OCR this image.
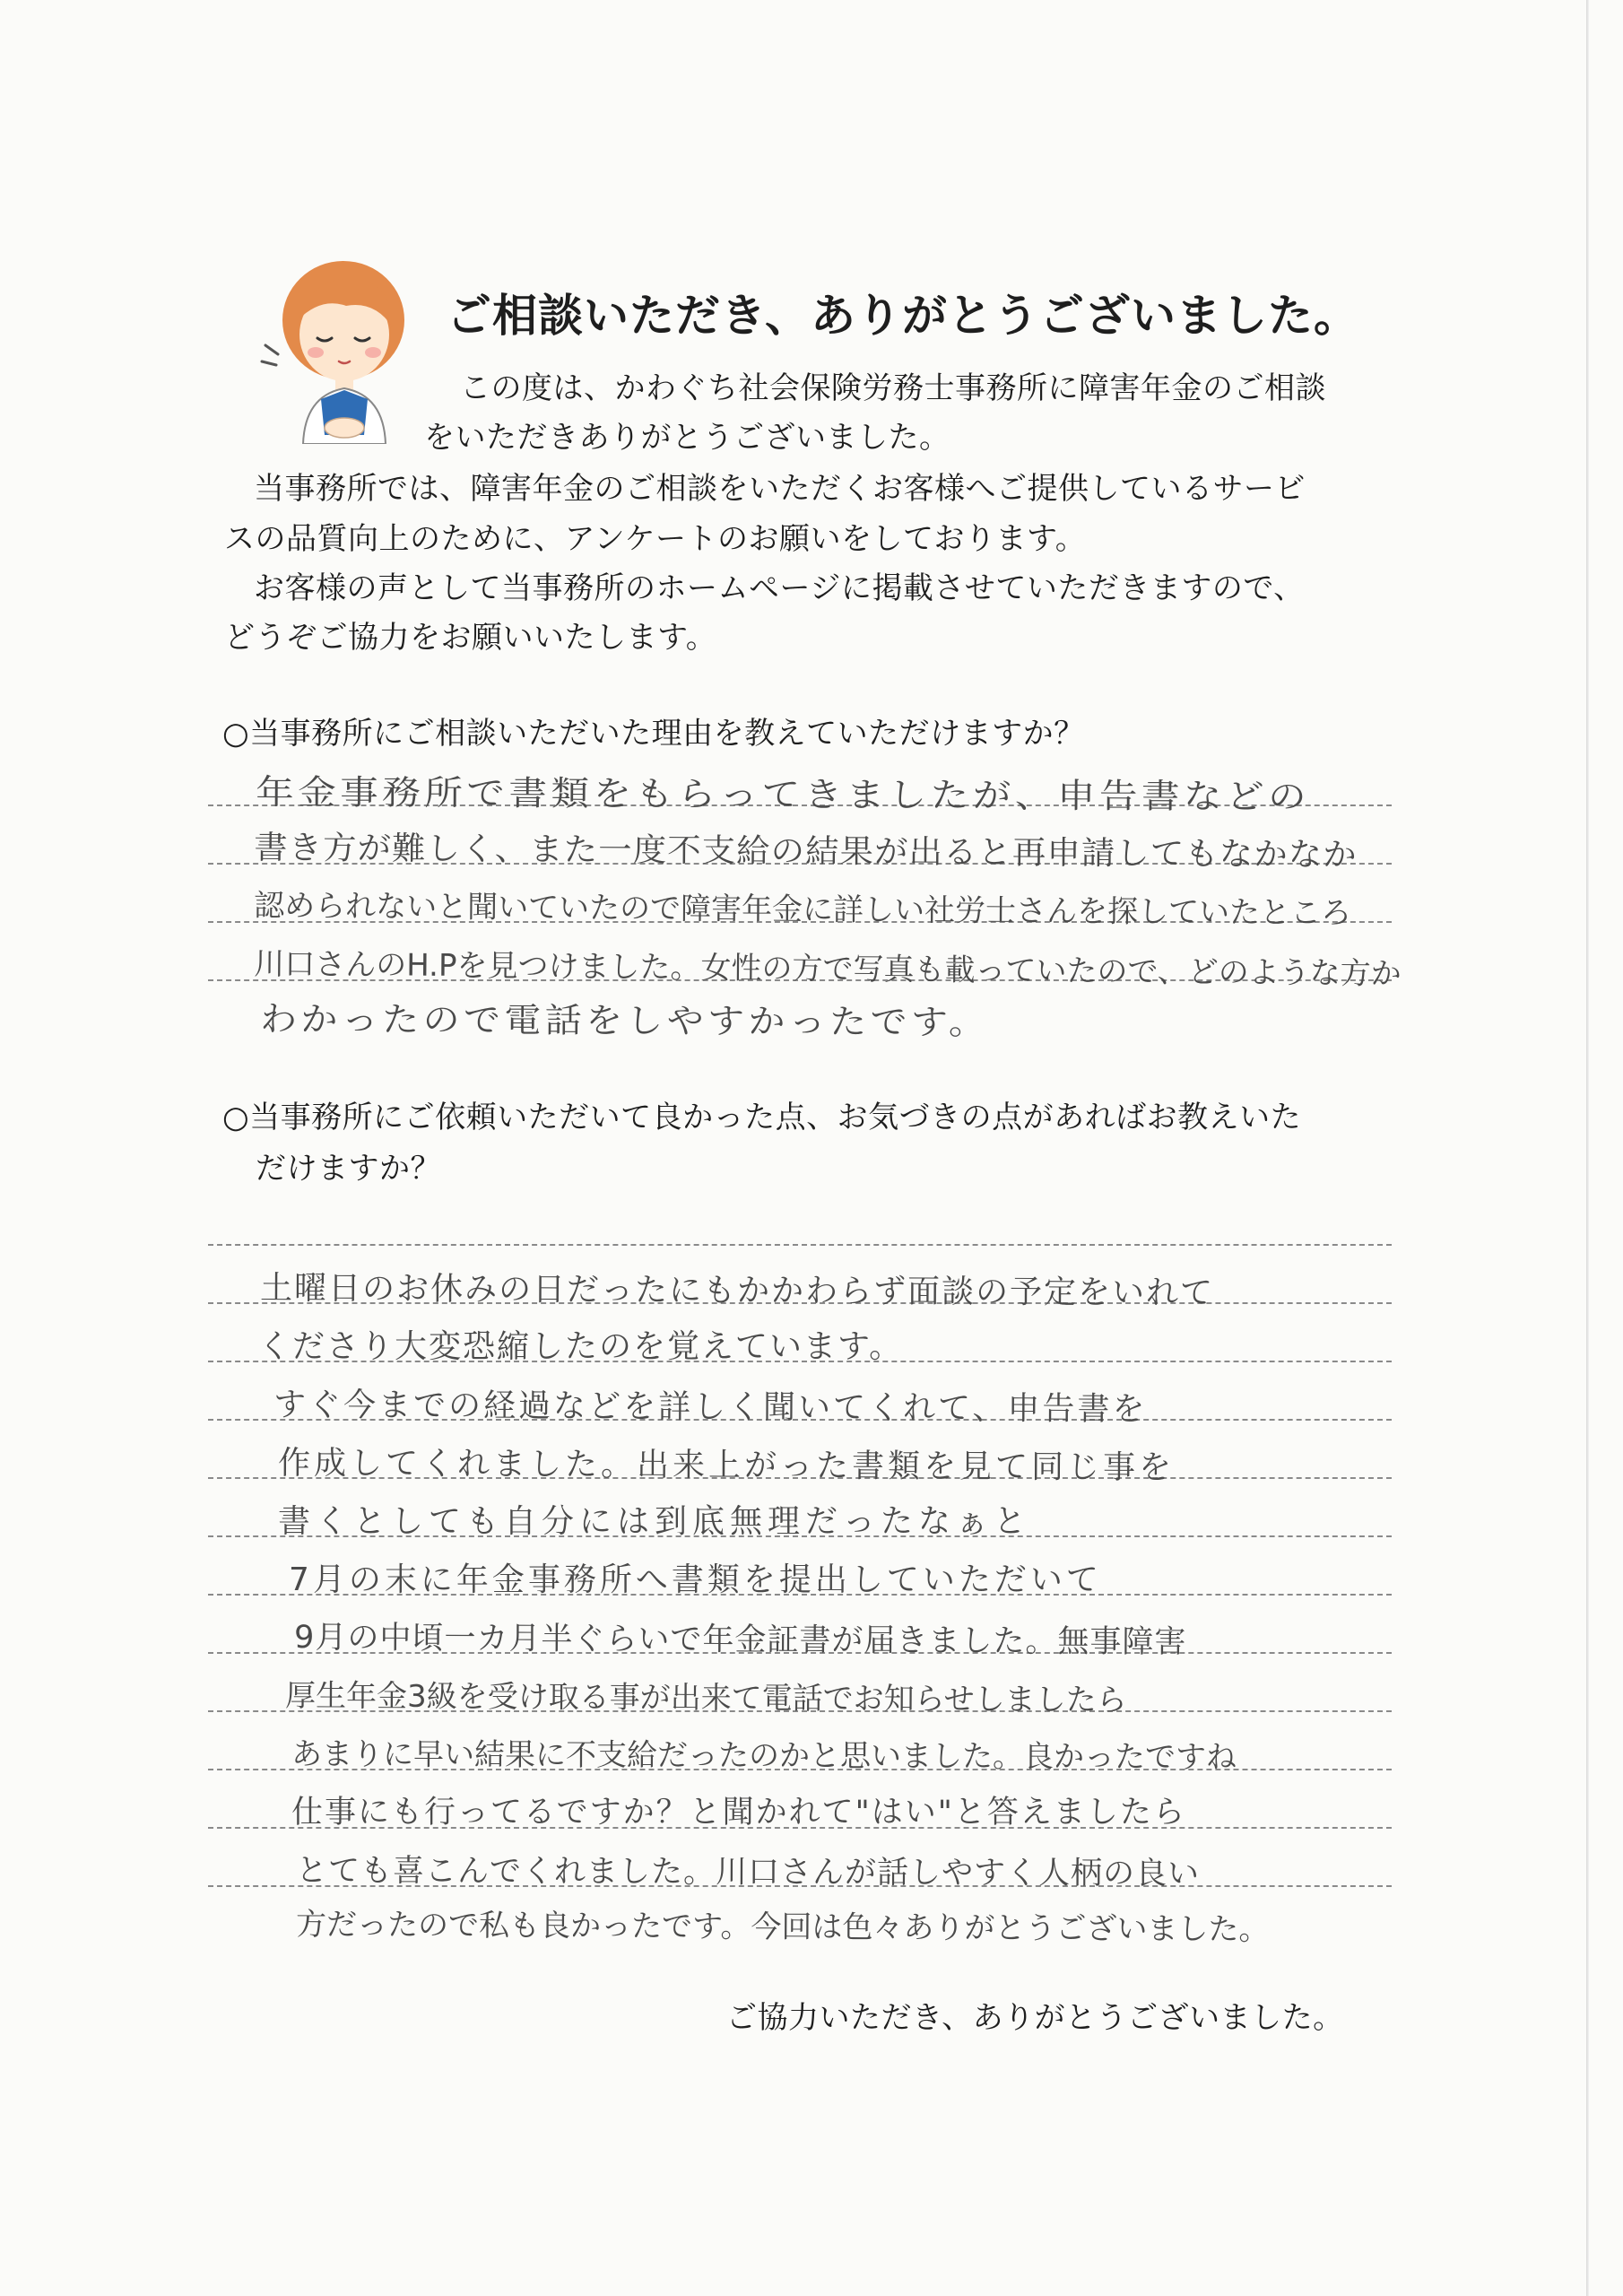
ご相談いただき、ありがとうございました。
この度は、かわぐち社会保険労務士事務所に障害年金のご相談
をいただきありがとうございました。
当事務所では、障害年金のご相談をいただくお客様へご提供しているサービ
スの品質向上のために、アンケートのお願いをしております。
お客様の声として当事務所のホームページに掲載させていただきますので、
どうぞご協力をお願いいたします。
○当事務所にご相談いただいた理由を教えていただけますか？
年金事務所で書類をもらってきましたが、申告書などの
書き方が難しく、また一度不支給の結果が出ると再申請してもなかなか
認められないと聞いていたので障害年金に詳しい社労士さんを探していたところ
川口さんのH.Pを見つけました。女性の方で写真も載っていたので、どのような方か
わかったので電話をしやすかったです。
○当事務所にご依頼いただいて良かった点、お気づきの点があればお教えいた
だけますか？
土曜日のお休みの日だったにもかかわらず面談の予定をいれて
くださり大変恐縮したのを覚えています。
すぐ今までの経過などを詳しく聞いてくれて、申告書を
作成してくれました。出来上がった書類を見て同じ事を
書くとしても自分には到底無理だったなぁと
7月の末に年金事務所へ書類を提出していただいて
9月の中頃一カ月半ぐらいで年金証書が届きました。無事障害
厚生年金3級を受け取る事が出来て電話でお知らせしましたら
あまりに早い結果に不支給だったのかと思いました。良かったですね
仕事にも行ってるですか？と聞かれて"はい"と答えましたら
とても喜こんでくれました。川口さんが話しやすく人柄の良い
方だったので私も良かったです。今回は色々ありがとうございました。
ご協力いただき、ありがとうございました。
